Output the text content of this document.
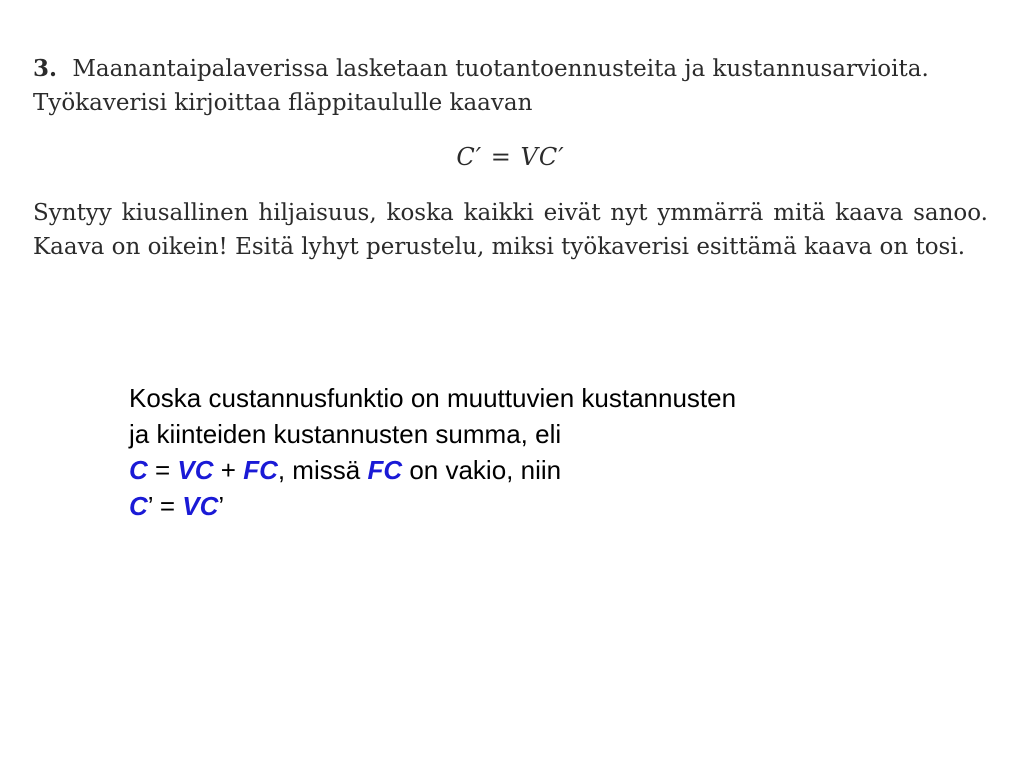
3. Maanantaipalaverissa lasketaan tuotantoennusteita ja kustannusarvioita.
Työkaverisi kirjoittaa fläppitaululle kaavan

C′ = VC′

Syntyy kiusallinen hiljaisuus, koska kaikki eivät nyt ymmärrä mitä kaava sanoo. Kaava on oikein! Esitä lyhyt perustelu, miksi työkaverisi esittämä kaava on tosi.

Koska custannusfunktio on muuttuvien kustannusten
ja kiinteiden kustannusten summa, eli
C = VC + FC, missä FC on vakio, niin
C’ = VC’
